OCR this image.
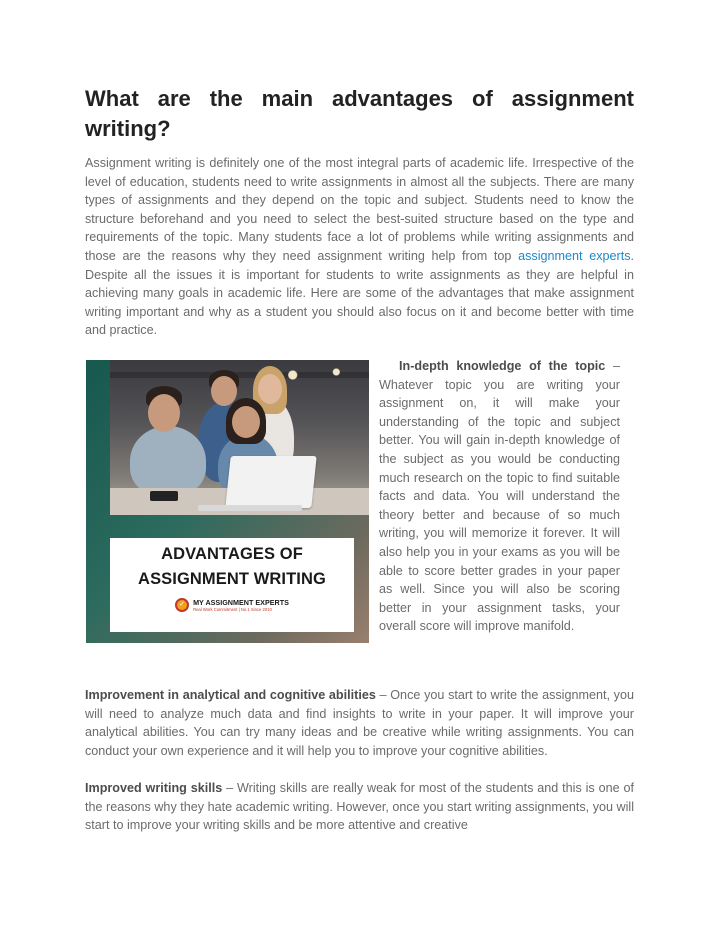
What are the main advantages of assignment
writing?

Assignment writing is definitely one of the most integral parts of academic life. Irrespective of the level of education, students need to write assignments in almost all the subjects. There are many types of assignments and they depend on the topic and subject. Students need to know the structure beforehand and you need to select the best-suited structure based on the type and requirements of the topic. Many students face a lot of problems while writing assignments and those are the reasons why they need assignment writing help from top assignment experts. Despite all the issues it is important for students to write assignments as they are helpful in achieving many goals in academic life. Here are some of the advantages that make assignment writing important and why as a student you should also focus on it and become better with time and practice.

ADVANTAGES OF
ASSIGNMENT WRITING
✓	MY ASSIGNMENT EXPERTS
Real Work Commitment | No.1 Since 2010

In-depth knowledge of the topic – Whatever topic you are writing your assignment on, it will make your understanding of the topic and subject better. You will gain in-depth knowledge of the subject as you would be conducting much research on the topic to find suitable facts and data. You will understand the theory better and because of so much writing, you will memorize it forever. It will also help you in your exams as you will be able to score better grades in your paper as well. Since you will also be scoring better in your assignment tasks, your overall score will improve manifold.

Improvement in analytical and cognitive abilities – Once you start to write the assignment, you will need to analyze much data and find insights to write in your paper. It will improve your analytical abilities. You can try many ideas and be creative while writing assignments. You can conduct your own experience and it will help you to improve your cognitive abilities.

Improved writing skills – Writing skills are really weak for most of the students and this is one of the reasons why they hate academic writing. However, once you start writing assignments, you will start to improve your writing skills and be more attentive and creative
